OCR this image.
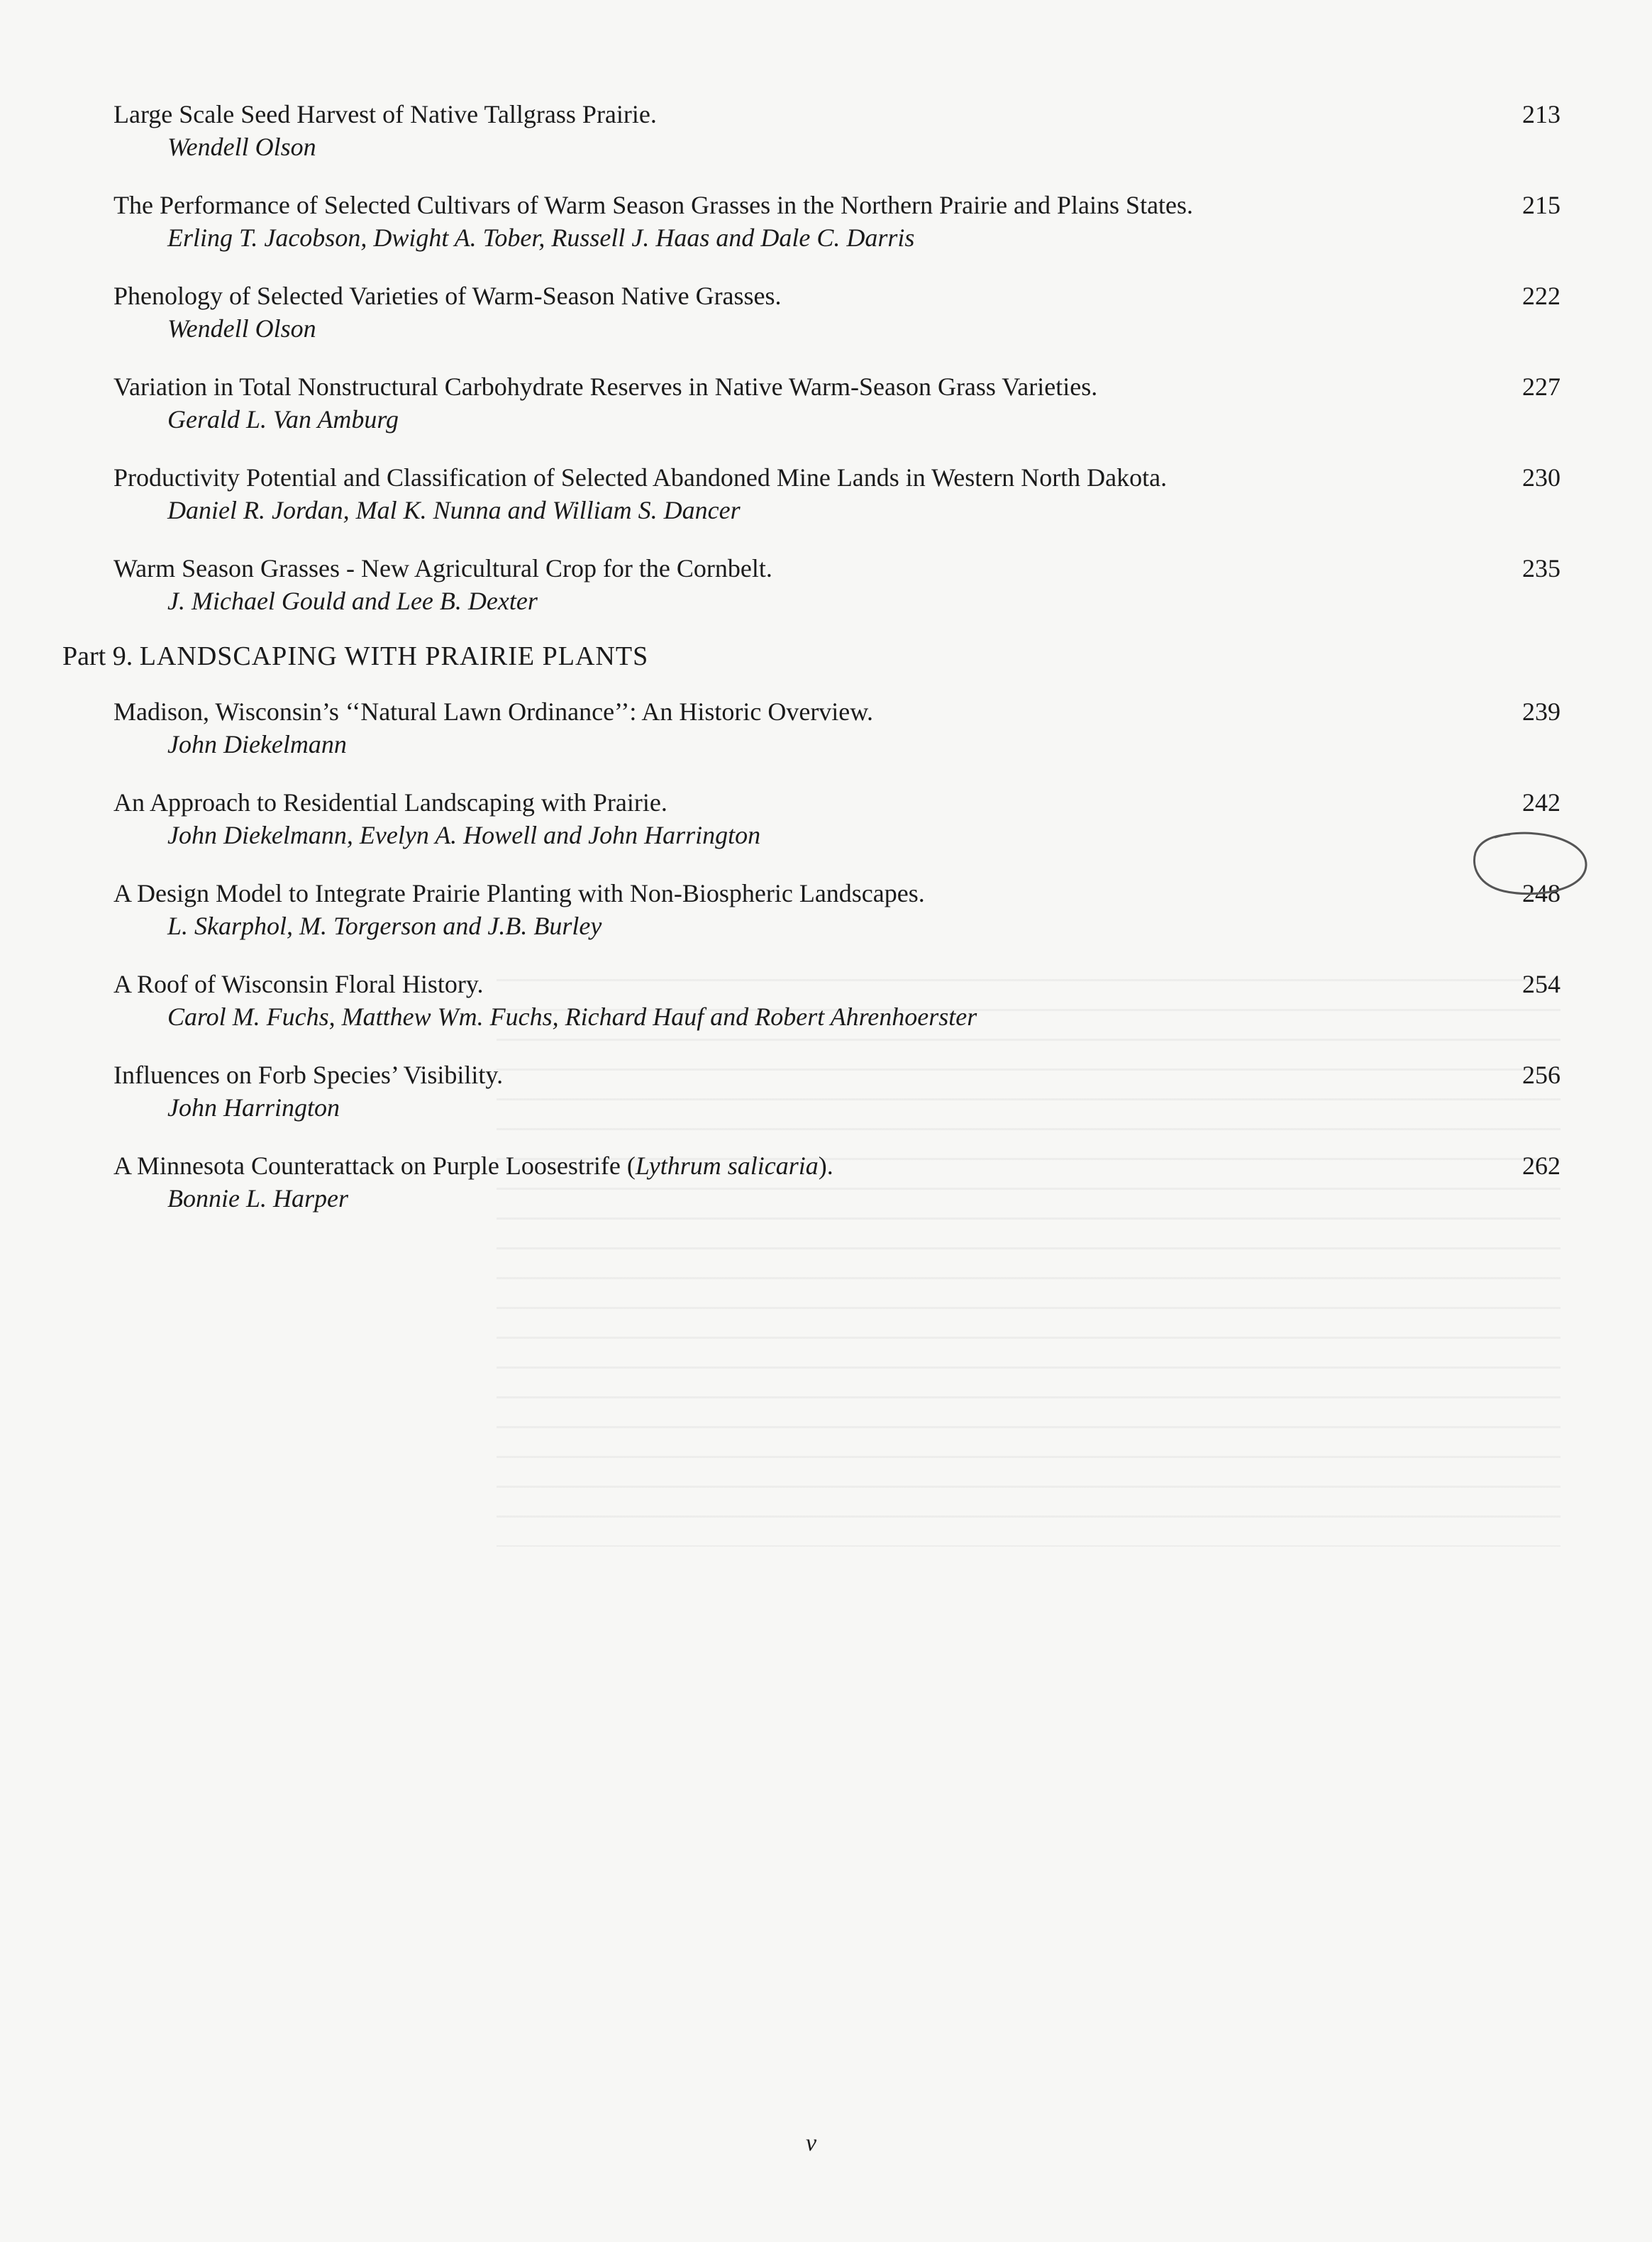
Large Scale Seed Harvest of Native Tallgrass Prairie.
Wendell Olson
213
The Performance of Selected Cultivars of Warm Season Grasses in the Northern Prairie and Plains States.
Erling T. Jacobson, Dwight A. Tober, Russell J. Haas and Dale C. Darris
215
Phenology of Selected Varieties of Warm-Season Native Grasses.
Wendell Olson
222
Variation in Total Nonstructural Carbohydrate Reserves in Native Warm-Season Grass Varieties.
Gerald L. Van Amburg
227
Productivity Potential and Classification of Selected Abandoned Mine Lands in Western North Dakota.
Daniel R. Jordan, Mal K. Nunna and William S. Dancer
230
Warm Season Grasses - New Agricultural Crop for the Cornbelt.
J. Michael Gould and Lee B. Dexter
235
Part 9. LANDSCAPING WITH PRAIRIE PLANTS
Madison, Wisconsin’s ‘‘Natural Lawn Ordinance’’: An Historic Overview.
John Diekelmann
239
An Approach to Residential Landscaping with Prairie.
John Diekelmann, Evelyn A. Howell and John Harrington
242
A Design Model to Integrate Prairie Planting with Non-Biospheric Landscapes.
L. Skarphol, M. Torgerson and J.B. Burley
248
A Roof of Wisconsin Floral History.
Carol M. Fuchs, Matthew Wm. Fuchs, Richard Hauf and Robert Ahrenhoerster
254
Influences on Forb Species’ Visibility.
John Harrington
256
A Minnesota Counterattack on Purple Loosestrife (Lythrum salicaria).
Bonnie L. Harper
262
v
